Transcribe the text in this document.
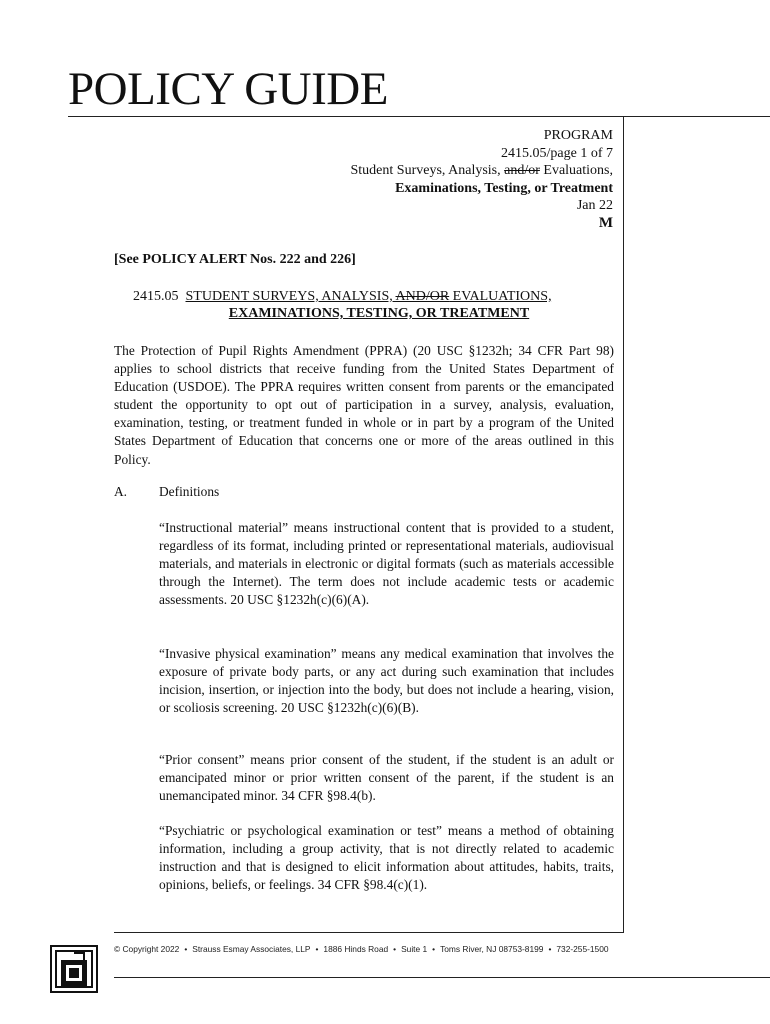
POLICY GUIDE
PROGRAM
2415.05/page 1 of 7
Student Surveys, Analysis, and/or Evaluations,
Examinations, Testing, or Treatment
Jan 22
M
[See POLICY ALERT Nos. 222 and 226]
2415.05 STUDENT SURVEYS, ANALYSIS, AND/OR EVALUATIONS,
EXAMINATIONS, TESTING, OR TREATMENT

The Protection of Pupil Rights Amendment (PPRA) (20 USC §1232h; 34 CFR Part 98) applies to school districts that receive funding from the United States Department of Education (USDOE). The PPRA requires written consent from parents or the emancipated student the opportunity to opt out of participation in a survey, analysis, evaluation, examination, testing, or treatment funded in whole or in part by a program of the United States Department of Education that concerns one or more of the areas outlined in this Policy.

A. Definitions

“Instructional material” means instructional content that is provided to a student, regardless of its format, including printed or representational materials, audiovisual materials, and materials in electronic or digital formats (such as materials accessible through the Internet). The term does not include academic tests or academic assessments. 20 USC §1232h(c)(6)(A).

“Invasive physical examination” means any medical examination that involves the exposure of private body parts, or any act during such examination that includes incision, insertion, or injection into the body, but does not include a hearing, vision, or scoliosis screening. 20 USC §1232h(c)(6)(B).

“Prior consent” means prior consent of the student, if the student is an adult or emancipated minor or prior written consent of the parent, if the student is an unemancipated minor. 34 CFR §98.4(b).

“Psychiatric or psychological examination or test” means a method of obtaining information, including a group activity, that is not directly related to academic instruction and that is designed to elicit information about attitudes, habits, traits, opinions, beliefs, or feelings. 34 CFR §98.4(c)(1).

© Copyright 2022 • Strauss Esmay Associates, LLP • 1886 Hinds Road • Suite 1 • Toms River, NJ 08753-8199 • 732-255-1500
